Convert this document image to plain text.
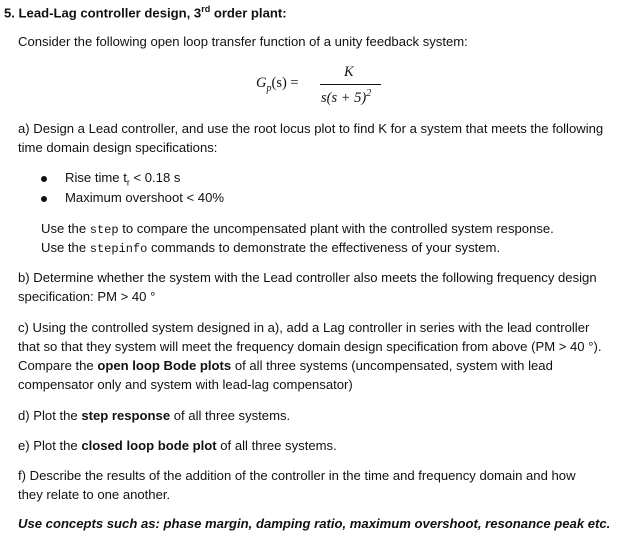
5. Lead-Lag controller design, 3rd order plant:
Consider the following open loop transfer function of a unity feedback system:
$G_p(s)$ =
K
$s(s + 5)^2$
a) Design a Lead controller, and use the root locus plot to find K for a system that meets the following
time domain design specifications:
Rise time $t_r < 0.18$ s
Maximum overshoot < 40%
Use the step to compare the uncompensated plant with the controlled system response.
Use the stepinfo commands to demonstrate the effectiveness of your system.
b) Determine whether the system with the Lead controller also meets the following frequency design
specification: PM > 40 °
c) Using the controlled system designed in a), add a Lag controller in series with the lead controller
that so that they system will meet the frequency domain design specification from above (PM > 40 °).
Compare the open loop Bode plots of all three systems (uncompensated, system with lead
compensator only and system with lead-lag compensator)
d) Plot the step response of all three systems.
e) Plot the closed loop bode plot of all three systems.
f) Describe the results of the addition of the controller in the time and frequency domain and how
they relate to one another.
Use concepts such as: phase margin, damping ratio, maximum overshoot, resonance peak etc.
